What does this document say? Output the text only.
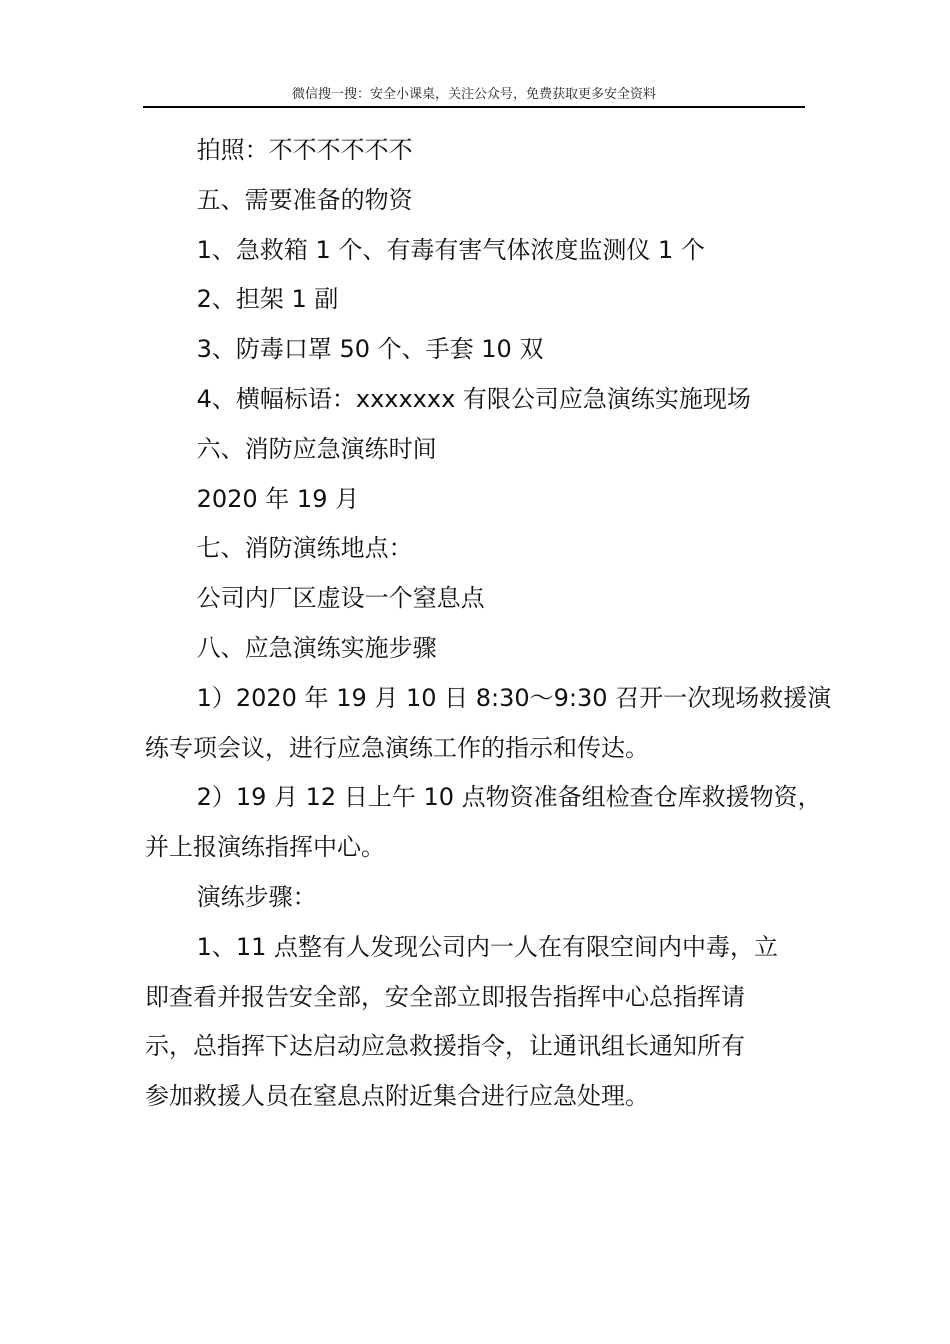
微信搜一搜：安全小课桌，关注公众号，免费获取更多安全资料

拍照：不不不不不不

五、需要准备的物资

1、急救箱 1 个、有毒有害气体浓度监测仪 1 个

2、担架 1 副

3、防毒口罩 50 个、手套 10 双

4、横幅标语：xxxxxxx 有限公司应急演练实施现场

六、消防应急演练时间

2020 年 19 月

七、消防演练地点：

公司内厂区虚设一个窒息点

八、应急演练实施步骤

1）2020 年 19 月 10 日 8:30～9:30 召开一次现场救援演

练专项会议，进行应急演练工作的指示和传达。

2）19 月 12 日上午 10 点物资准备组检查仓库救援物资，

并上报演练指挥中心。

演练步骤：

1、11 点整有人发现公司内一人在有限空间内中毒，立

即查看并报告安全部，安全部立即报告指挥中心总指挥请

示，总指挥下达启动应急救援指令，让通讯组长通知所有

参加救援人员在窒息点附近集合进行应急处理。
